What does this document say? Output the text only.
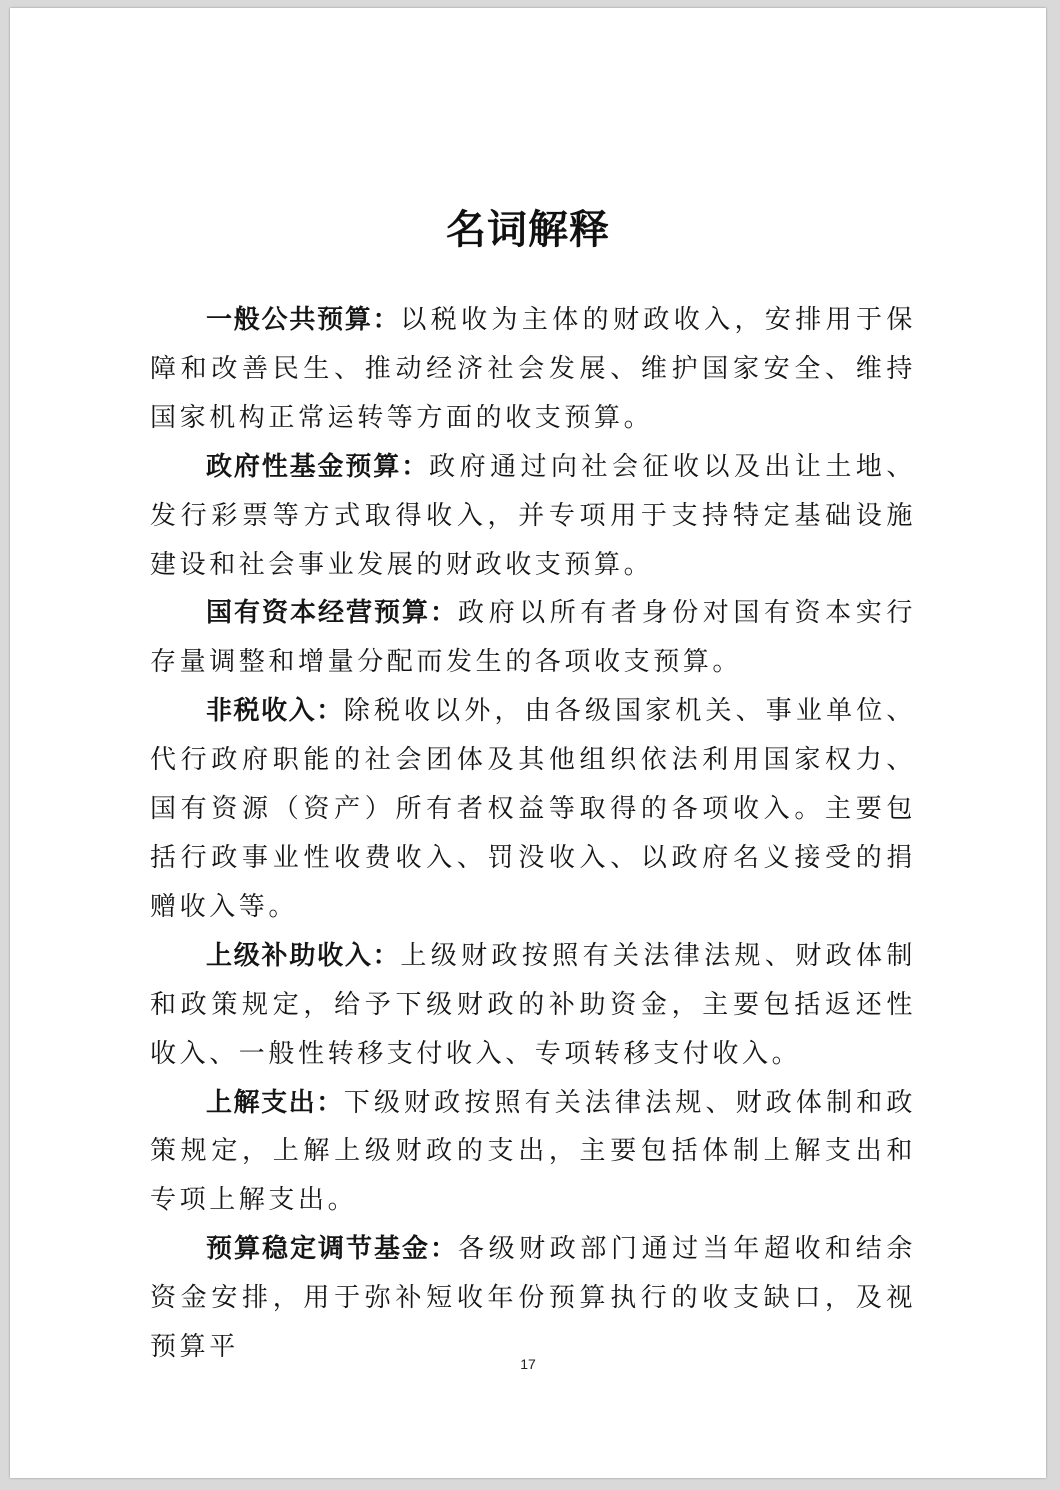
名词解释

一般公共预算：以税收为主体的财政收入，安排用于保障和改善民生、推动经济社会发展、维护国家安全、维持国家机构正常运转等方面的收支预算。

政府性基金预算：政府通过向社会征收以及出让土地、发行彩票等方式取得收入，并专项用于支持特定基础设施建设和社会事业发展的财政收支预算。

国有资本经营预算：政府以所有者身份对国有资本实行存量调整和增量分配而发生的各项收支预算。

非税收入：除税收以外，由各级国家机关、事业单位、代行政府职能的社会团体及其他组织依法利用国家权力、国有资源（资产）所有者权益等取得的各项收入。主要包括行政事业性收费收入、罚没收入、以政府名义接受的捐赠收入等。

上级补助收入：上级财政按照有关法律法规、财政体制和政策规定，给予下级财政的补助资金，主要包括返还性收入、一般性转移支付收入、专项转移支付收入。

上解支出：下级财政按照有关法律法规、财政体制和政策规定，上解上级财政的支出，主要包括体制上解支出和专项上解支出。

预算稳定调节基金：各级财政部门通过当年超收和结余资金安排，用于弥补短收年份预算执行的收支缺口，及视预算平

17
